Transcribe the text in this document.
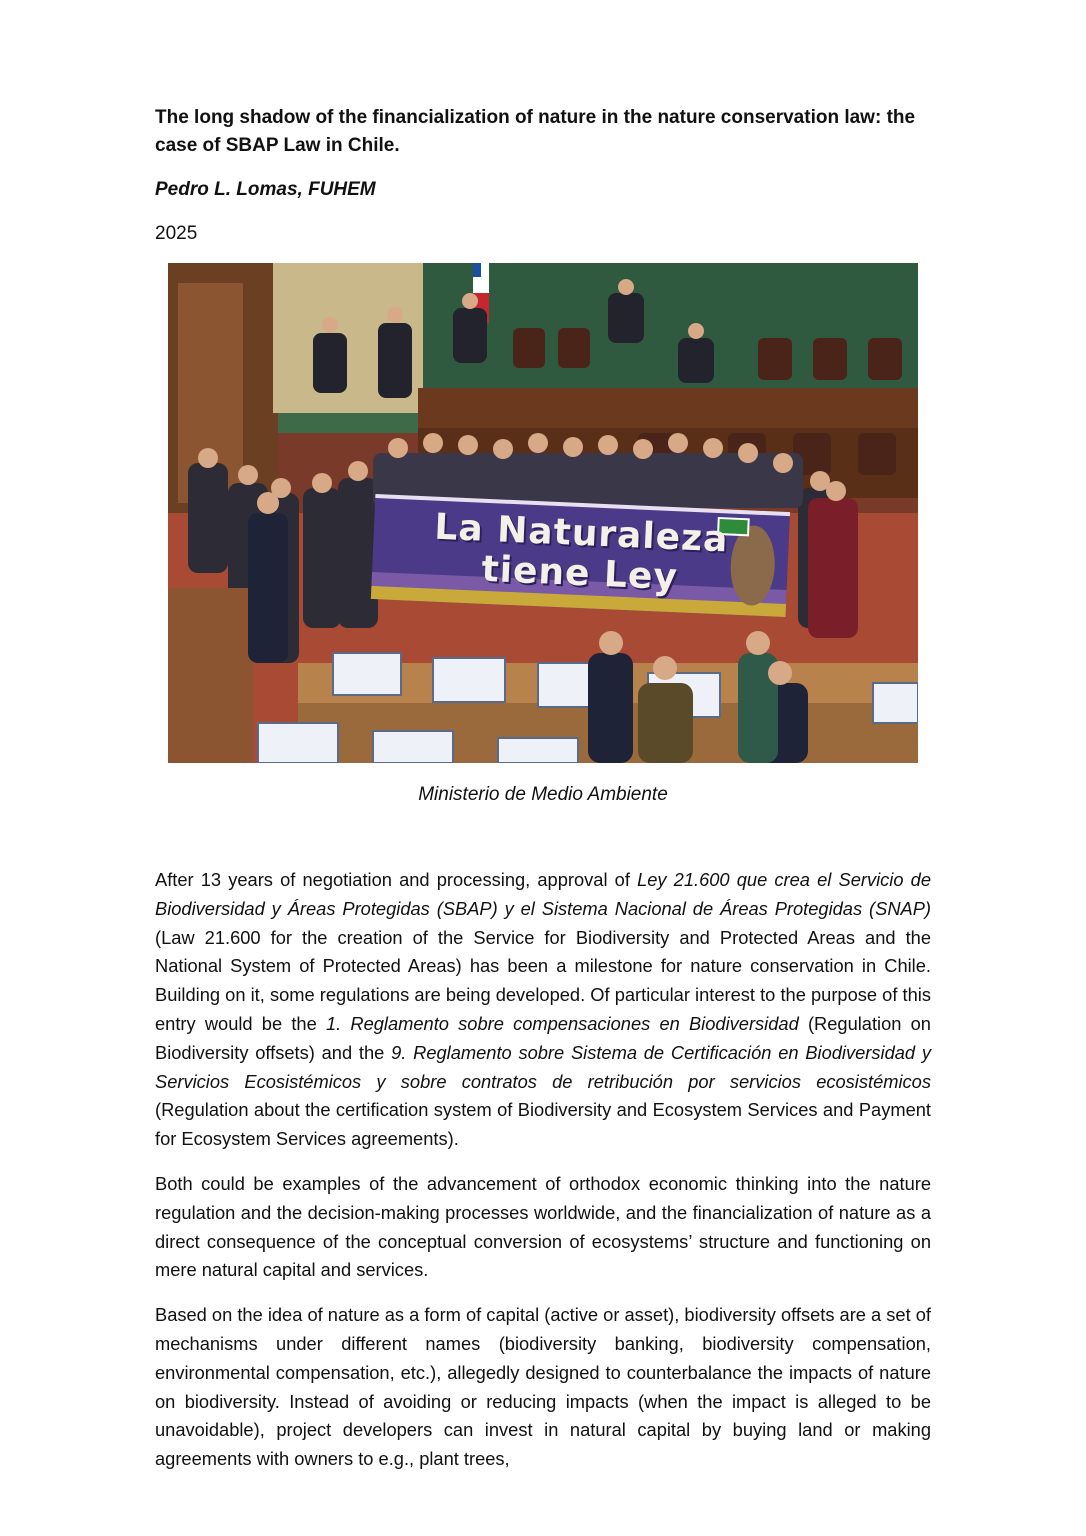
The long shadow of the financialization of nature in the nature conservation law: the case of SBAP Law in Chile.
Pedro L. Lomas, FUHEM
2025
La Naturaleza
tiene Ley
Ministerio de Medio Ambiente

After 13 years of negotiation and processing, approval of Ley 21.600 que crea el Servicio de Biodiversidad y Áreas Protegidas (SBAP) y el Sistema Nacional de Áreas Protegidas (SNAP) (Law 21.600 for the creation of the Service for Biodiversity and Protected Areas and the National System of Protected Areas) has been a milestone for nature conservation in Chile. Building on it, some regulations are being developed. Of particular interest to the purpose of this entry would be the 1. Reglamento sobre compensaciones en Biodiversidad (Regulation on Biodiversity offsets) and the 9. Reglamento sobre Sistema de Certificación en Biodiversidad y Servicios Ecosistémicos y sobre contratos de retribución por servicios ecosistémicos (Regulation about the certification system of Biodiversity and Ecosystem Services and Payment for Ecosystem Services agreements).

Both could be examples of the advancement of orthodox economic thinking into the nature regulation and the decision-making processes worldwide, and the financialization of nature as a direct consequence of the conceptual conversion of ecosystems’ structure and functioning on mere natural capital and services.

Based on the idea of nature as a form of capital (active or asset), biodiversity offsets are a set of mechanisms under different names (biodiversity banking, biodiversity compensation, environmental compensation, etc.), allegedly designed to counterbalance the impacts of nature on biodiversity. Instead of avoiding or reducing impacts (when the impact is alleged to be unavoidable), project developers can invest in natural capital by buying land or making agreements with owners to e.g., plant trees,
